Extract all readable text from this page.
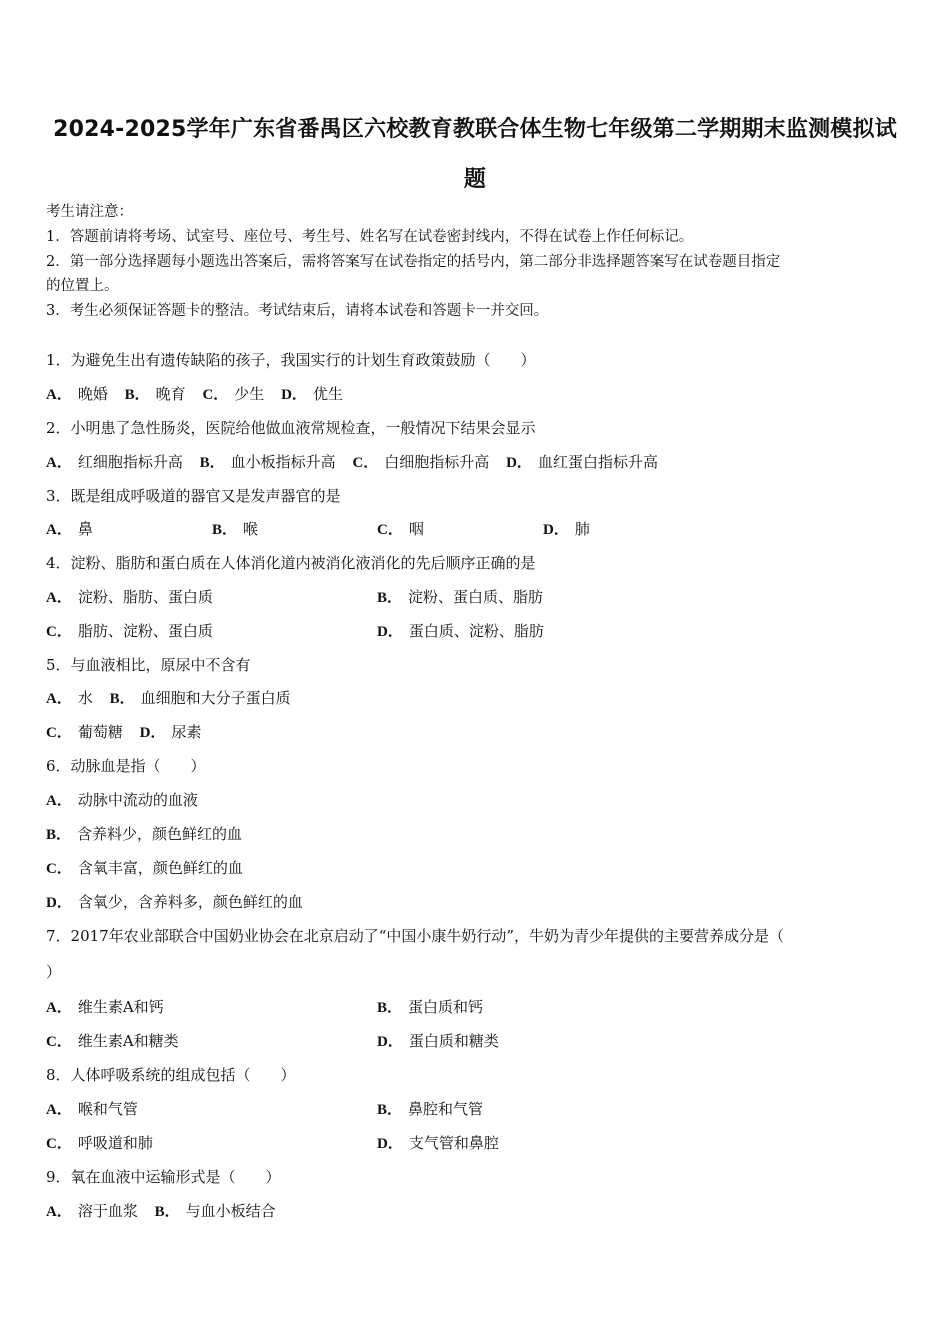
2024-2025学年广东省番禺区六校教育教联合体生物七年级第二学期期末监测模拟试
题
考生请注意：
1．答题前请将考场、试室号、座位号、考生号、姓名写在试卷密封线内，不得在试卷上作任何标记。
2．第一部分选择题每小题选出答案后，需将答案写在试卷指定的括号内，第二部分非选择题答案写在试卷题目指定
的位置上。
3．考生必须保证答题卡的整洁。考试结束后，请将本试卷和答题卡一并交回。
1．为避免生出有遗传缺陷的孩子，我国实行的计划生育政策鼓励（　　）
A． 晚婚 B． 晚育 C． 少生 D． 优生
2．小明患了急性肠炎，医院给他做血液常规检查，一般情况下结果会显示
A． 红细胞指标升高 B． 血小板指标升高 C． 白细胞指标升高 D． 血红蛋白指标升高
3．既是组成呼吸道的器官又是发声器官的是
A． 鼻	B． 喉	C． 咽	D． 肺
4．淀粉、脂肪和蛋白质在人体消化道内被消化液消化的先后顺序正确的是
A． 淀粉、脂肪、蛋白质	B． 淀粉、蛋白质、脂肪
C． 脂肪、淀粉、蛋白质	D． 蛋白质、淀粉、脂肪
5．与血液相比，原尿中不含有
A． 水 B． 血细胞和大分子蛋白质
C． 葡萄糖 D． 尿素
6．动脉血是指（　　）
A． 动脉中流动的血液
B． 含养料少，颜色鲜红的血
C． 含氧丰富，颜色鲜红的血
D． 含氧少，含养料多，颜色鲜红的血
7．2017年农业部联合中国奶业协会在北京启动了“中国小康牛奶行动”，牛奶为青少年提供的主要营养成分是（
）
A． 维生素A和钙	B． 蛋白质和钙
C． 维生素A和糖类	D． 蛋白质和糖类
8．人体呼吸系统的组成包括（　　）
A． 喉和气管	B． 鼻腔和气管
C． 呼吸道和肺	D． 支气管和鼻腔
9．氧在血液中运输形式是（　　）
A． 溶于血浆 B． 与血小板结合
